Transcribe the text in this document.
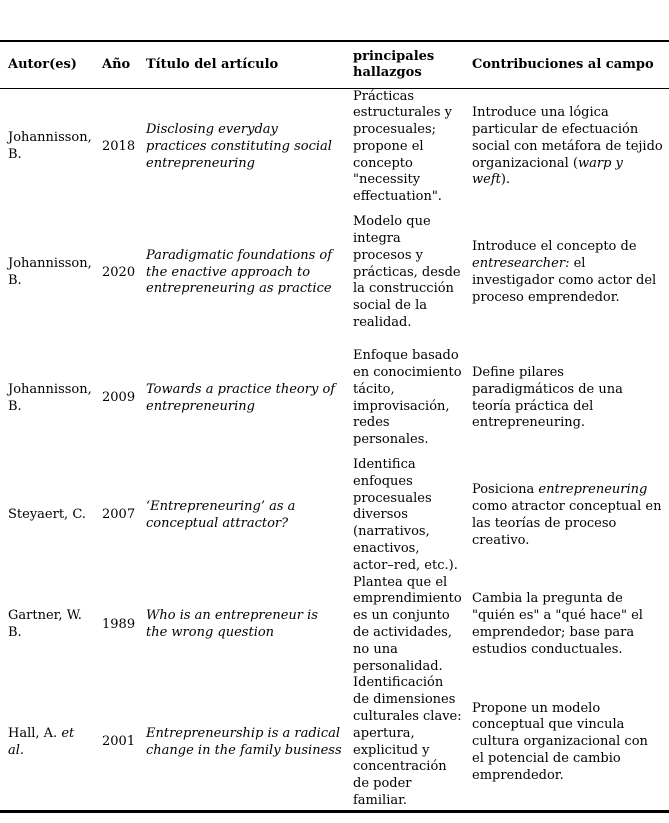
Autor(es)	Año	Título del artículo	principales hallazgos	Contribuciones al campo
Johannisson, B.	2018	Disclosing everyday practices constituting social entrepreneuring	Prácticas estructurales y procesuales; propone el concepto "necessity effectuation".	Introduce una lógica particular de efectuación social con metáfora de tejido organizacional (warp y weft).
Johannisson, B.	2020	Paradigmatic foundations of the enactive approach to entrepreneuring as practice	Modelo que integra procesos y prácticas, desde la construcción social de la realidad.	Introduce el concepto de entresearcher: el investigador como actor del proceso emprendedor.
Johannisson, B.	2009	Towards a practice theory of entrepreneuring	Enfoque basado en conocimiento tácito, improvisación, redes personales.	Define pilares paradigmáticos de una teoría práctica del entrepreneuring.
Steyaert, C.	2007	‘Entrepreneuring’ as a conceptual attractor?	Identifica enfoques procesuales diversos (narrativos, enactivos, actor–red, etc.).	Posiciona entrepreneuring como atractor conceptual en las teorías de proceso creativo.
Gartner, W. B.	1989	Who is an entrepreneur is the wrong question	Plantea que el emprendimiento es un conjunto de actividades, no una personalidad.	Cambia la pregunta de "quién es" a "qué hace" el emprendedor; base para estudios conductuales.
Hall, A. et al.	2001	Entrepreneurship is a radical change in the family business	Identificación de dimensiones culturales clave: apertura, explicitud y concentración de poder familiar.	Propone un modelo conceptual que vincula cultura organizacional con el potencial de cambio emprendedor.
